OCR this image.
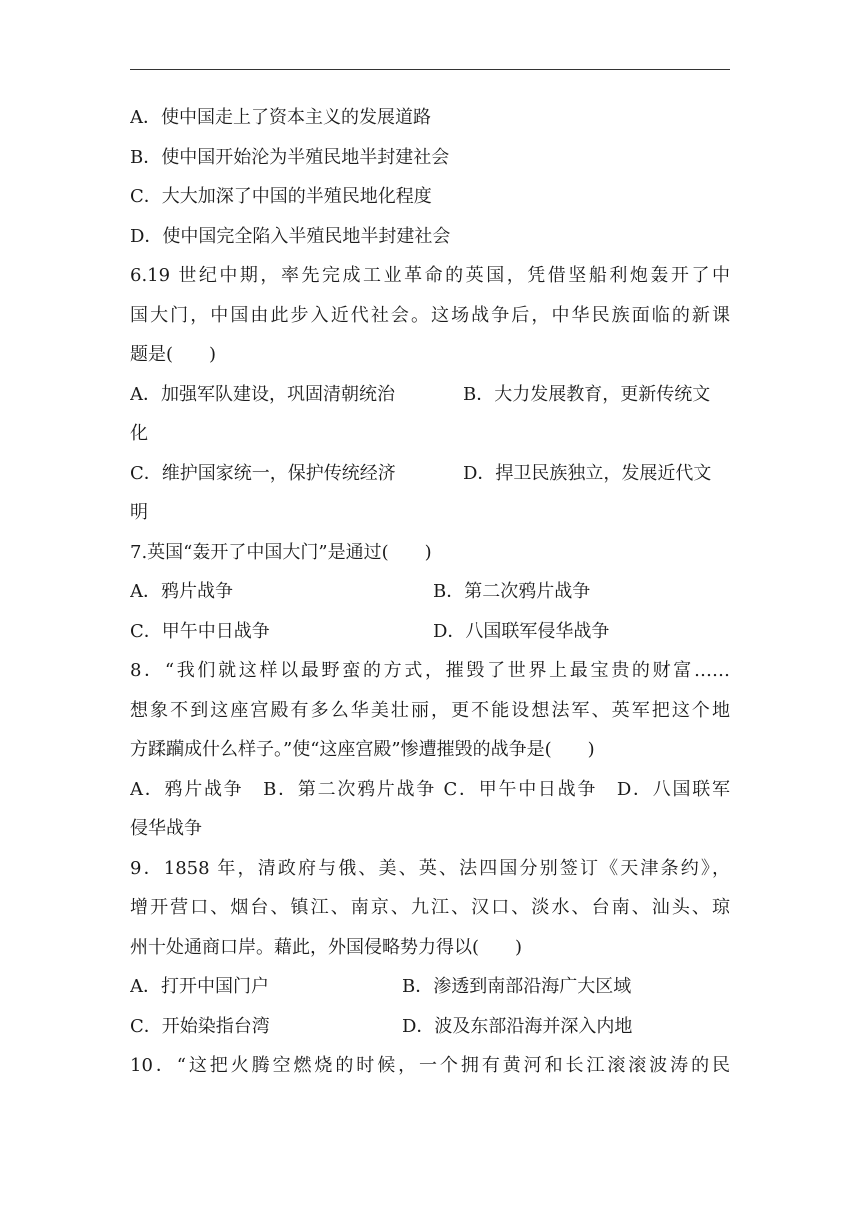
A．使中国走上了资本主义的发展道路
B．使中国开始沦为半殖民地半封建社会
C．大大加深了中国的半殖民地化程度
D．使中国完全陷入半殖民地半封建社会
6.19 世纪中期，率先完成工业革命的英国，凭借坚船利炮轰开了中
国大门，中国由此步入近代社会。这场战争后，中华民族面临的新课
题是(　　)
A．加强军队建设，巩固清朝统治	B．大力发展教育，更新传统文
化
C．维护国家统一，保护传统经济	D．捍卫民族独立，发展近代文
明
7.英国“轰开了中国大门”是通过(　　)
A．鸦片战争	B．第二次鸦片战争
C．甲午中日战争	D．八国联军侵华战争
8．“我们就这样以最野蛮的方式，摧毁了世界上最宝贵的财富……
想象不到这座宫殿有多么华美壮丽，更不能设想法军、英军把这个地
方蹂躏成什么样子。”使“这座宫殿”惨遭摧毁的战争是(　　)
A．鸦片战争　B．第二次鸦片战争 C．甲午中日战争　D．八国联军
侵华战争
9．1858 年，清政府与俄、美、英、法四国分别签订《天津条约》，
增开营口、烟台、镇江、南京、九江、汉口、淡水、台南、汕头、琼
州十处通商口岸。藉此，外国侵略势力得以(　　)
A．打开中国门户	B．渗透到南部沿海广大区域
C．开始染指台湾	D．波及东部沿海并深入内地
10．“这把火腾空燃烧的时候，一个拥有黄河和长江滚滚波涛的民
